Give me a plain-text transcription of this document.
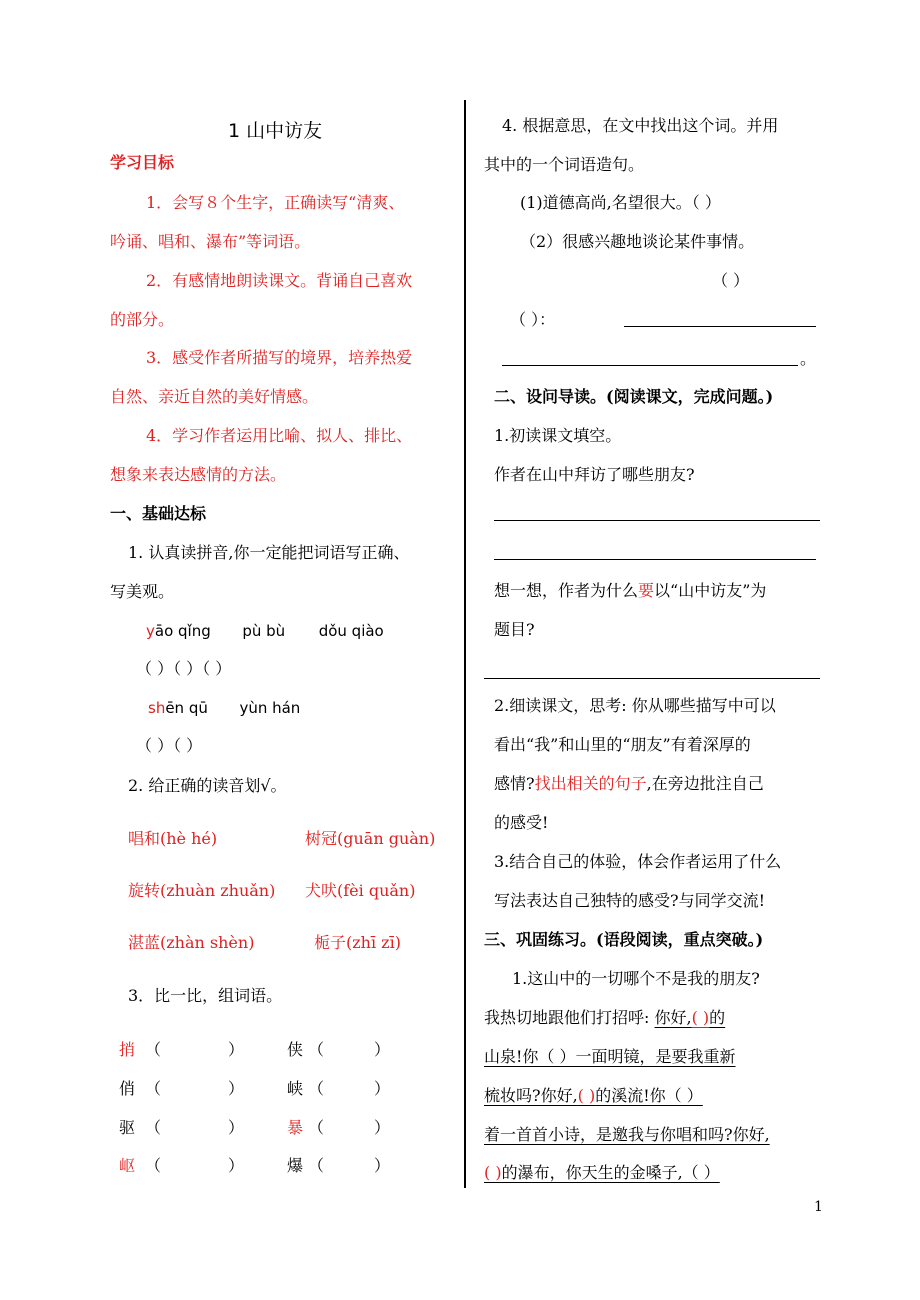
1 山中访友
学习目标
1．会写８个生字，正确读写“清爽、
吟诵、唱和、瀑布”等词语。
2．有感情地朗读课文。背诵自己喜欢
的部分。
3．感受作者所描写的境界，培养热爱
自然、亲近自然的美好情感。
4．学习作者运用比喻、拟人、排比、
想象来表达感情的方法。
一、基础达标
1. 认真读拼音,你一定能把词语写正确、
写美观。
yāo qǐng pù bù dǒu qiào
（ ）（ ）（ ）
shēn qū yùn hán
（ ）（ ）
2. 给正确的读音划√。
唱和(hè hé)	树冠(guān guàn)
旋转(zhuàn zhuǎn) 犬吠(fèi quǎn)
湛蓝(zhàn shèn)	栀子(zhī zī)
3．比一比，组词语。
捎 （	）	侠 （	）
俏 （	）	峡 （	）
驱 （	）	暴 （	）
岖 （	）	爆 （	）
4. 根据意思，在文中找出这个词。并用
其中的一个词语造句。
(1)道德高尚,名望很大。（ ）
（2）很感兴趣地谈论某件事情。
（ ）
（ ）：
。
二、设问导读。(阅读课文，完成问题。)
1.初读课文填空。
作者在山中拜访了哪些朋友?
想一想，作者为什么要以“山中访友”为
题目?
2.细读课文，思考: 你从哪些描写中可以
看出“我”和山里的“朋友”有着深厚的
感情?找出相关的句子,在旁边批注自己
的感受!
3.结合自己的体验，体会作者运用了什么
写法表达自己独特的感受?与同学交流!
三、巩固练习。(语段阅读，重点突破。)
1.这山中的一切哪个不是我的朋友?
我热切地跟他们打招呼: 你好,( )的
山泉!你（ ）一面明镜，是要我重新
梳妆吗?你好,( )的溪流!你（ ）
着一首首小诗，是邀我与你唱和吗?你好,
( )的瀑布，你天生的金嗓子,（ ）
1
